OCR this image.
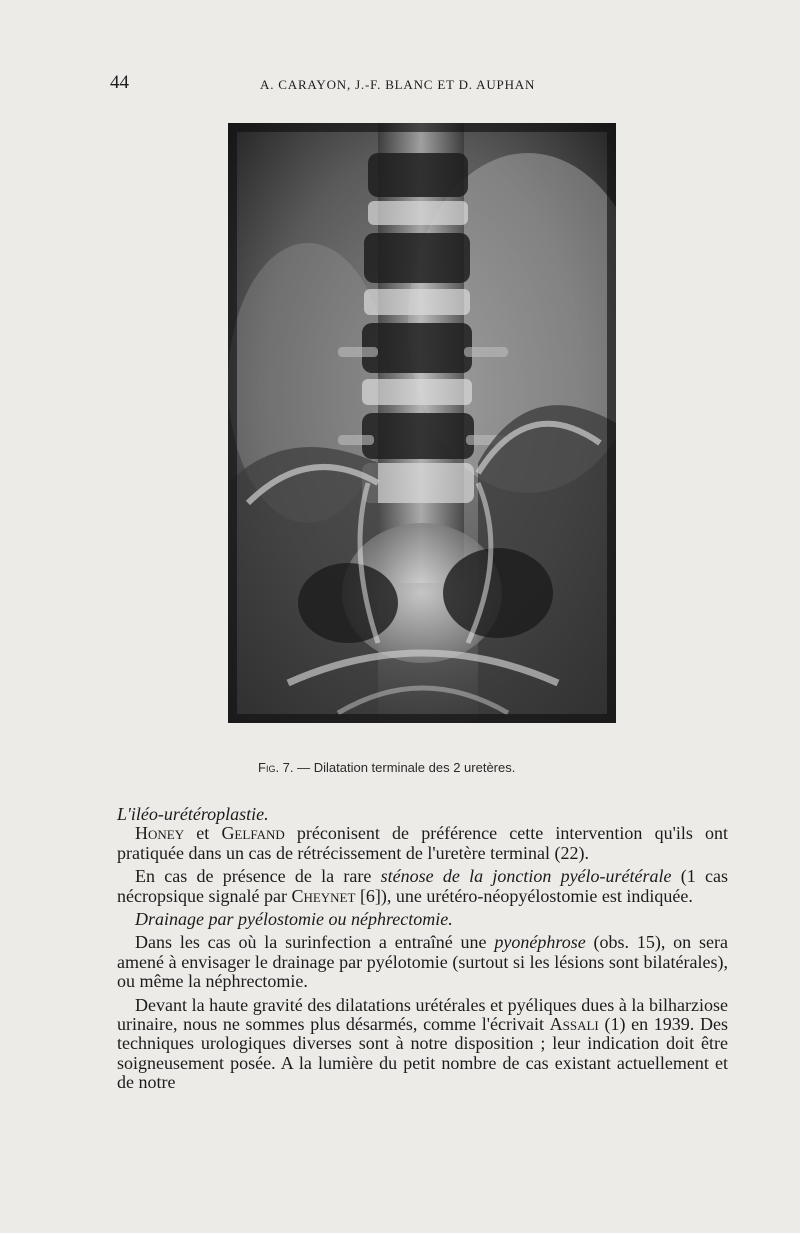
44	A. CARAYON, J.-F. BLANC ET D. AUPHAN
Fig. 7. — Dilatation terminale des 2 uretères.

L'iléo-urétéroplastie.

Honey et Gelfand préconisent de préférence cette intervention qu'ils ont pratiquée dans un cas de rétrécissement de l'uretère terminal (22).

En cas de présence de la rare sténose de la jonction pyélo-urétérale (1 cas nécropsique signalé par Cheynet [6]), une urétéro-néopyélostomie est indiquée.

Drainage par pyélostomie ou néphrectomie.

Dans les cas où la surinfection a entraîné une pyonéphrose (obs. 15), on sera amené à envisager le drainage par pyélotomie (surtout si les lésions sont bilatérales), ou même la néphrectomie.

Devant la haute gravité des dilatations urétérales et pyéliques dues à la bilharziose urinaire, nous ne sommes plus désarmés, comme l'écrivait Assali (1) en 1939. Des techniques urologiques diverses sont à notre disposition ; leur indication doit être soigneusement posée. A la lumière du petit nombre de cas existant actuellement et de notre
